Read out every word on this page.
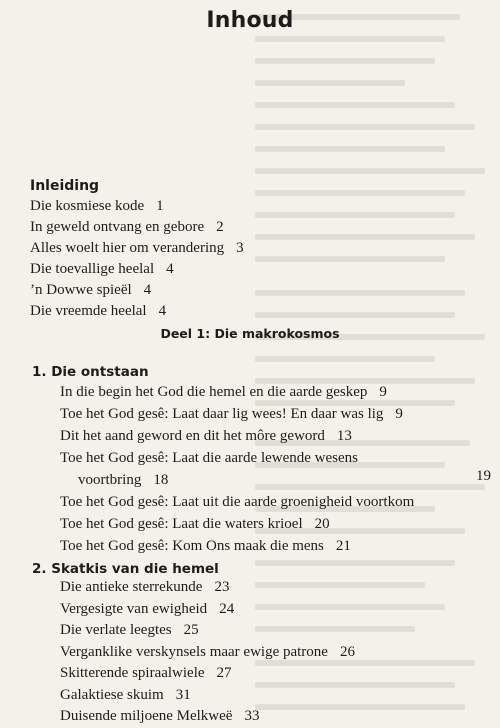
Inhoud
Inleiding
Die kosmiese kode 1
In geweld ontvang en gebore 2
Alles woelt hier om verandering 3
Die toevallige heelal 4
’n Dowwe spieël 4
Die vreemde heelal 4
Deel 1: Die makrokosmos
1. Die ontstaan
In die begin het God die hemel en die aarde geskep 9
Toe het God gesê: Laat daar lig wees! En daar was lig 9
Dit het aand geword en dit het môre geword 13
Toe het God gesê: Laat die aarde lewende wesens
voortbring 18
Toe het God gesê: Laat uit die aarde groenigheid voortkom
Toe het God gesê: Laat die waters krioel 20
Toe het God gesê: Kom Ons maak die mens 21
19
2. Skatkis van die hemel
Die antieke sterrekunde 23
Vergesigte van ewigheid 24
Die verlate leegtes 25
Verganklike verskynsels maar ewige patrone 26
Skitterende spiraalwiele 27
Galaktiese skuim 31
Duisende miljoene Melkweë 33
